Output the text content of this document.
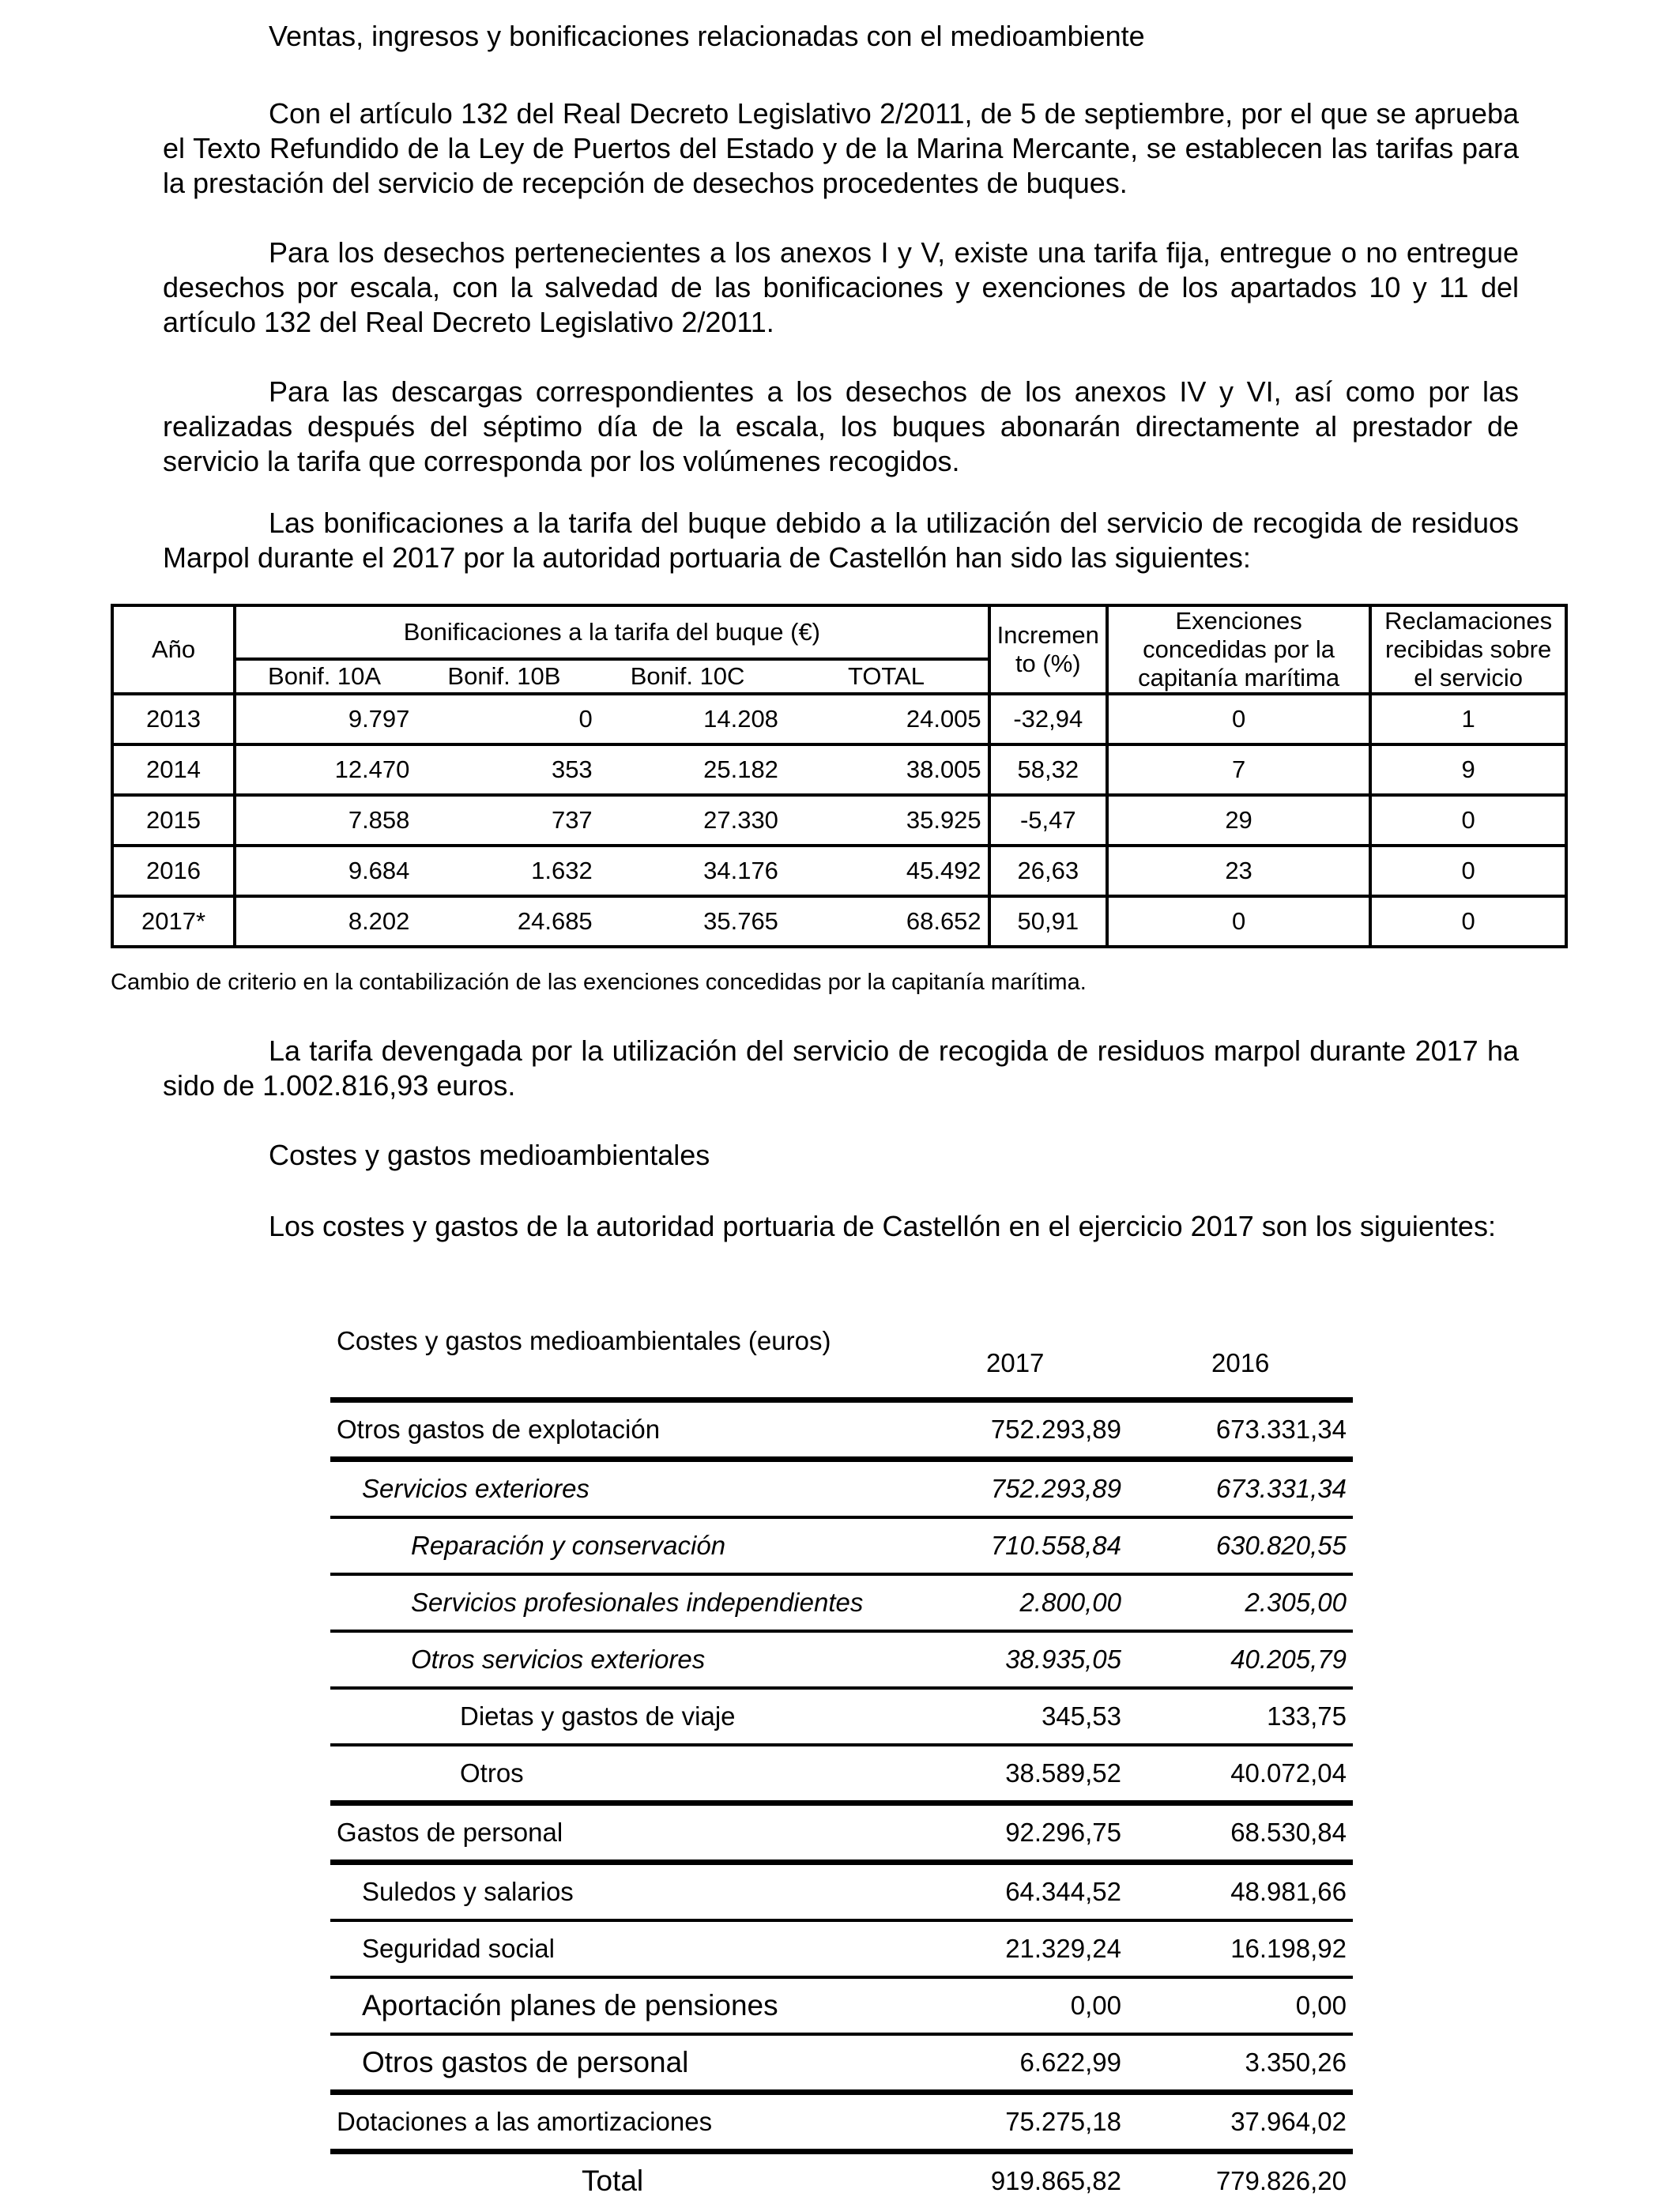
Ventas, ingresos y bonificaciones relacionadas con el medioambiente

Con el artículo 132 del Real Decreto Legislativo 2/2011, de 5 de septiembre, por el que se aprueba el Texto Refundido de la Ley de Puertos del Estado y de la Marina Mercante, se establecen las tarifas para la prestación del servicio de recepción de desechos procedentes de buques.

Para los desechos pertenecientes a los anexos I y V, existe una tarifa fija, entregue o no entregue desechos por escala, con la salvedad de las bonificaciones y exenciones de los apartados 10 y 11 del artículo 132 del Real Decreto Legislativo 2/2011.

Para las descargas correspondientes a los desechos de los anexos IV y VI, así como por las realizadas después del séptimo día de la escala, los buques abonarán directamente al prestador de servicio la tarifa que corresponda por los volúmenes recogidos.

Las bonificaciones a la tarifa del buque debido a la utilización del servicio de recogida de residuos Marpol durante el 2017 por la autoridad portuaria de Castellón han sido las siguientes:

Año	Bonificaciones a la tarifa del buque (€)				Incremen to (%)	Exenciones concedidas por la capitanía marítima	Reclamaciones recibidas sobre el servicio
	Bonif. 10A	Bonif. 10B	Bonif. 10C	TOTAL			
2013	9.797	0	14.208	24.005	-32,94	0	1
2014	12.470	353	25.182	38.005	58,32	7	9
2015	7.858	737	27.330	35.925	-5,47	29	0
2016	9.684	1.632	34.176	45.492	26,63	23	0
2017*	8.202	24.685	35.765	68.652	50,91	0	0

Cambio de criterio en la contabilización de las exenciones concedidas por la capitanía marítima.

La tarifa devengada por la utilización del servicio de recogida de residuos marpol durante 2017 ha sido de 1.002.816,93 euros.

Costes y gastos medioambientales

Los costes y gastos de la autoridad portuaria de Castellón en el ejercicio 2017 son los siguientes:

Costes y gastos medioambientales (euros)
2017	2016
Otros gastos de explotación	752.293,89	673.331,34
Servicios exteriores	752.293,89	673.331,34
Reparación y conservación	710.558,84	630.820,55
Servicios profesionales independientes	2.800,00	2.305,00
Otros servicios exteriores	38.935,05	40.205,79
Dietas y gastos de viaje	345,53	133,75
Otros	38.589,52	40.072,04
Gastos de personal	92.296,75	68.530,84
Suledos y salarios	64.344,52	48.981,66
Seguridad social	21.329,24	16.198,92
Aportación planes de pensiones	0,00	0,00
Otros gastos de personal	6.622,99	3.350,26
Dotaciones a las amortizaciones	75.275,18	37.964,02
Total	919.865,82	779.826,20
